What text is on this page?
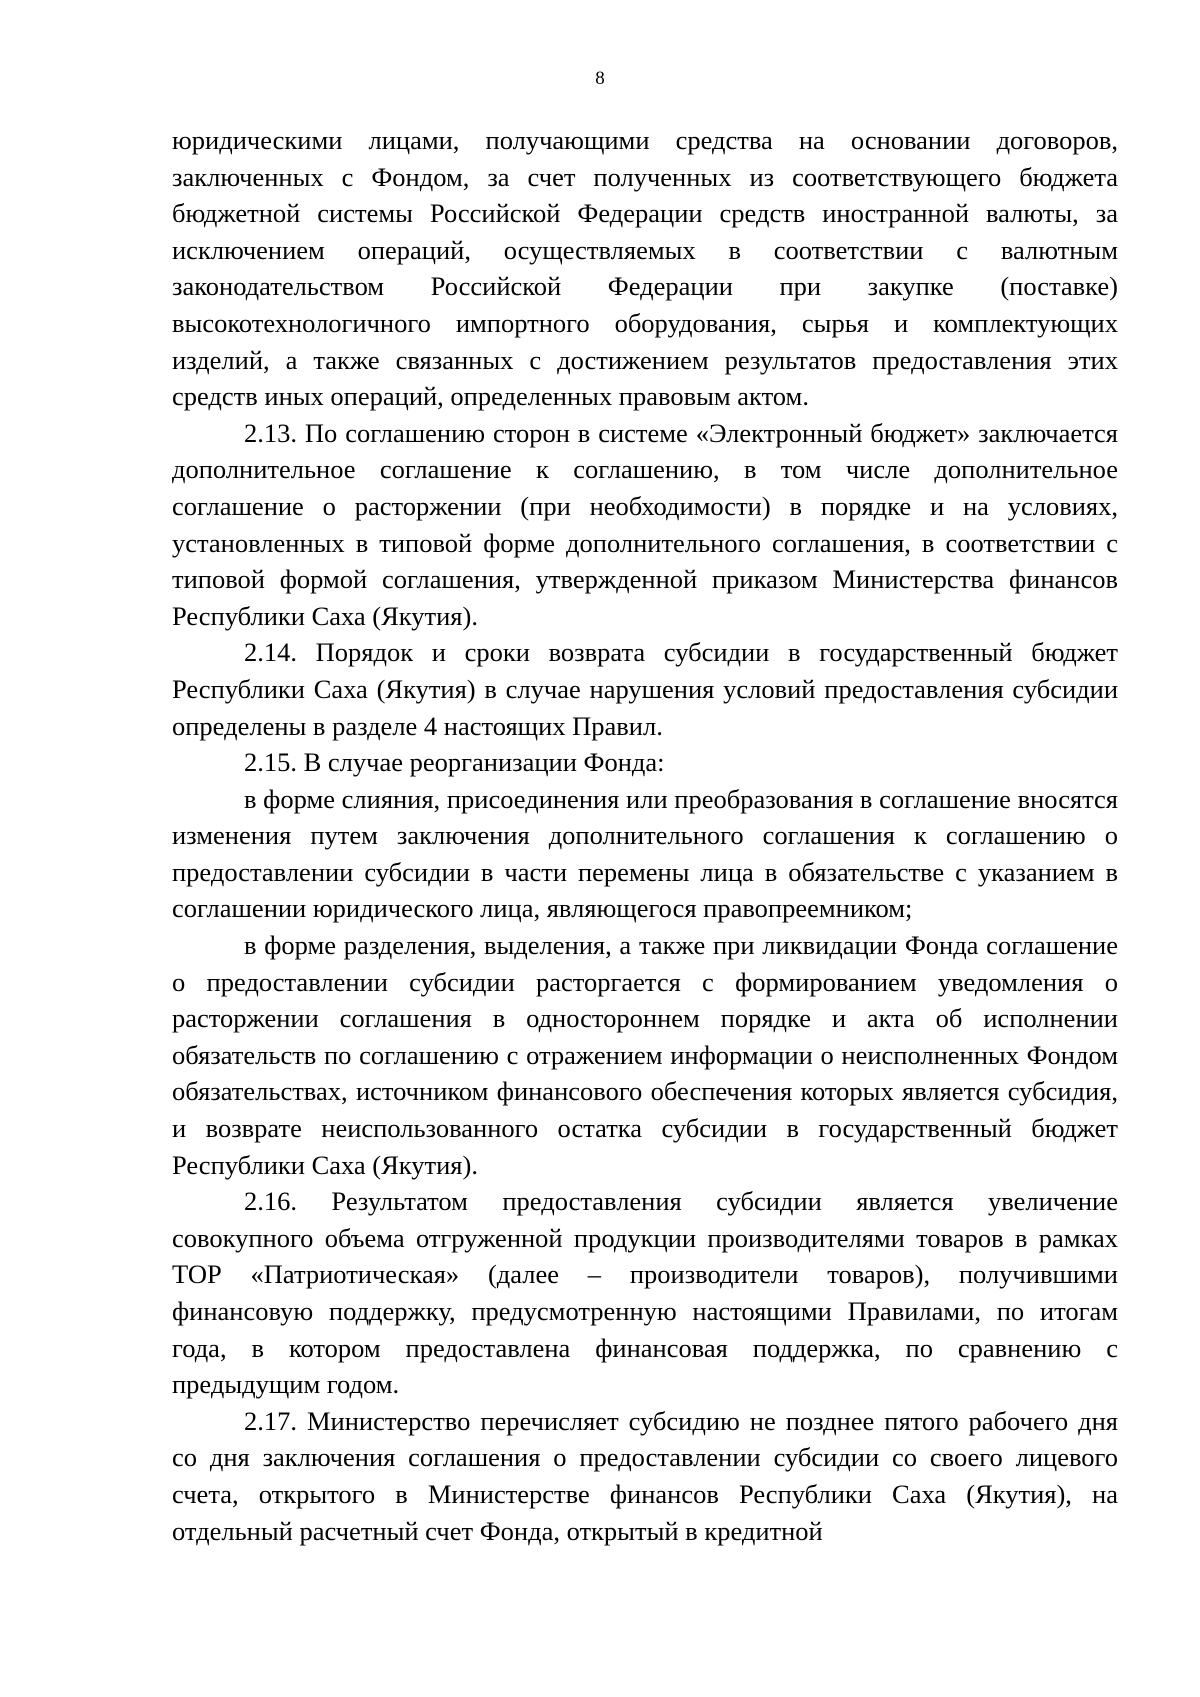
8

юридическими лицами, получающими средства на основании договоров, заключенных с Фондом, за счет полученных из соответствующего бюджета бюджетной системы Российской Федерации средств иностранной валюты, за исключением операций, осуществляемых в соответствии с валютным законодательством Российской Федерации при закупке (поставке) высокотехнологичного импортного оборудования, сырья и комплектующих изделий, а также связанных с достижением результатов предоставления этих средств иных операций, определенных правовым актом.

2.13. По соглашению сторон в системе «Электронный бюджет» заключается дополнительное соглашение к соглашению, в том числе дополнительное соглашение о расторжении (при необходимости) в порядке и на условиях, установленных в типовой форме дополнительного соглашения, в соответствии с типовой формой соглашения, утвержденной приказом Министерства финансов Республики Саха (Якутия).

2.14. Порядок и сроки возврата субсидии в государственный бюджет Республики Саха (Якутия) в случае нарушения условий предоставления субсидии определены в разделе 4 настоящих Правил.

2.15. В случае реорганизации Фонда:

в форме слияния, присоединения или преобразования в соглашение вносятся изменения путем заключения дополнительного соглашения к соглашению о предоставлении субсидии в части перемены лица в обязательстве с указанием в соглашении юридического лица, являющегося правопреемником;

в форме разделения, выделения, а также при ликвидации Фонда соглашение о предоставлении субсидии расторгается с формированием уведомления о расторжении соглашения в одностороннем порядке и акта об исполнении обязательств по соглашению с отражением информации о неисполненных Фондом обязательствах, источником финансового обеспечения которых является субсидия, и возврате неиспользованного остатка субсидии в государственный бюджет Республики Саха (Якутия).

2.16. Результатом предоставления субсидии является увеличение совокупного объема отгруженной продукции производителями товаров в рамках ТОР «Патриотическая» (далее – производители товаров), получившими финансовую поддержку, предусмотренную настоящими Правилами, по итогам года, в котором предоставлена финансовая поддержка, по сравнению с предыдущим годом.

2.17. Министерство перечисляет субсидию не позднее пятого рабочего дня со дня заключения соглашения о предоставлении субсидии со своего лицевого счета, открытого в Министерстве финансов Республики Саха (Якутия), на отдельный расчетный счет Фонда, открытый в кредитной
